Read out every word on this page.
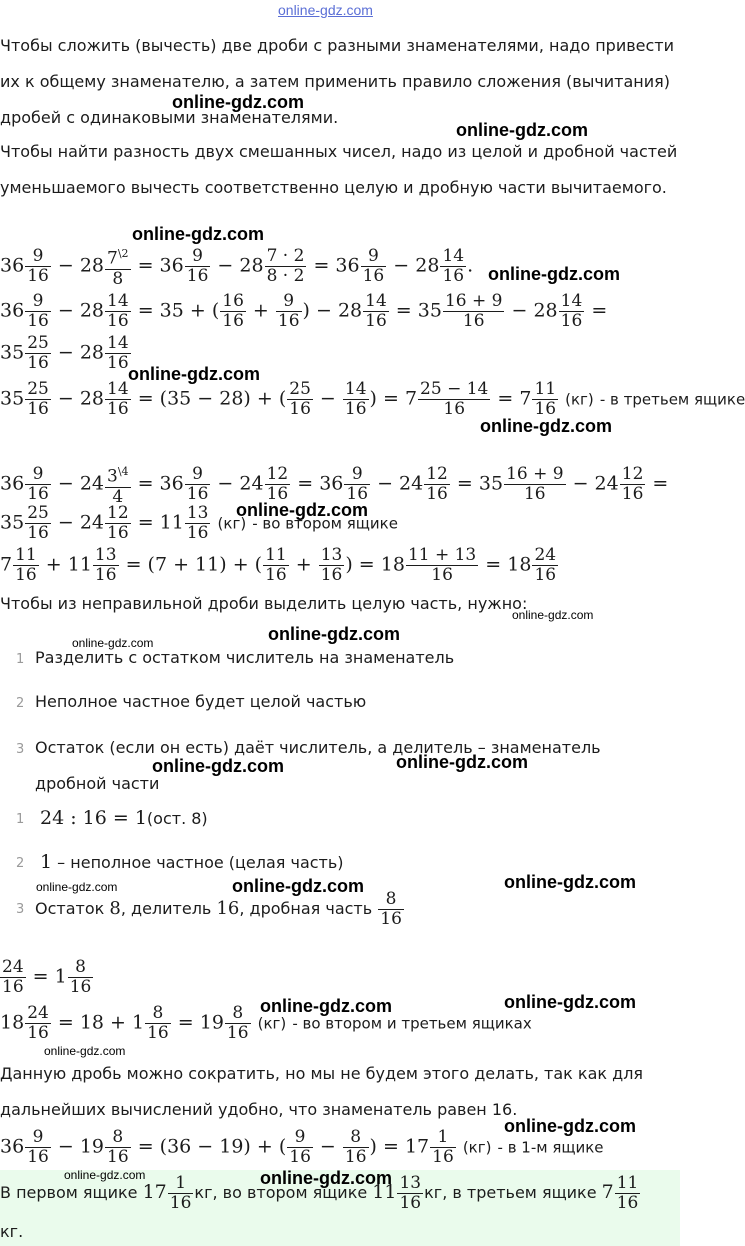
online-gdz.com

Чтобы сложить (вычесть) две дроби с разными знаменателями, надо привести их к общему знаменателю, а затем применить правило сложения (вычитания) дробей с одинаковыми знаменателями.

Чтобы найти разность двух смешанных чисел, надо из целой и дробной частей уменьшаемого вычесть соответственно целую и дробную части вычитаемого.

$36 \frac{9}{16} - 28 \frac{7^{\backslash 2}}{8} = 36 \frac{9}{16} - 28 \frac{7 \cdot 2}{8 \cdot 2} = 36 \frac{9}{16} - 28 \frac{14}{16}$ .
$36 \frac{9}{16} - 28 \frac{14}{16} = 35$ + ( $\frac{16}{16} + \frac{9}{16}$ ) − $28 \frac{14}{16} = 35 \frac{16 + 9}{16} - 28 \frac{14}{16}$ =
$35 \frac{25}{16} - 28 \frac{14}{16}$
$35 \frac{25}{16} - 28 \frac{14}{16} = (35 - 28)$ + ( $\frac{25}{16} - \frac{14}{16}$ ) = $7 \frac{25 - 14}{16} = 7 \frac{11}{16} (кг) - в$ третьем ящике
$36 \frac{9}{16} - 24 \frac{3^{\backslash 4}}{4} = 36 \frac{9}{16} - 24 \frac{12}{16} = 36 \frac{9}{16} - 24 \frac{12}{16} = 35 \frac{16 + 9}{16} - 24 \frac{12}{16}$ =
$35 \frac{25}{16} - 24 \frac{12}{16} = 11 \frac{13}{16} (кг)$ - во втором ящике
$7 \frac{11}{16} + 11 \frac{13}{16} = (7 + 11)$ + ( $\frac{11}{16} + \frac{13}{16}$ ) = $18 \frac{11 + 13}{16} = 18 \frac{24}{16}$

Чтобы из неправильной дроби выделить целую часть, нужно:

1 Разделить с остатком числитель на знаменатель
2 Неполное частное будет целой частью
3 Остаток (если он есть) даёт числитель, а делитель – знаменатель дробной части
1 24 : 16 = 1(ост. 8)
2 1 – неполное частное (целая часть)
3 Остаток 8, делитель 16, дробная часть $\frac{8}{16}$
$\frac{24}{16} = 1 \frac{8}{16}$
$18 \frac{24}{16} = 18 + 1 \frac{8}{16} = 19 \frac{8}{16} (кг)$ - во втором и третьем ящиках

Данную дробь можно сократить, но мы не будем этого делать, так как для дальнейших вычислений удобно, что знаменатель равен 16.

$36 \frac{9}{16} - 19 \frac{8}{16} = (36 - 19)$ + ( $\frac{9}{16} - \frac{8}{16}$ ) = $17 \frac{1}{16} (кг)$ - в 1-м ящике
В первом ящике $17 \frac{1}{16}$ кг, во втором ящике $11 \frac{13}{16}$ кг, в третьем ящике $7 \frac{11}{16}$
кг.
online-gdz.com
online-gdz.com
online-gdz.com
online-gdz.com
online-gdz.com
online-gdz.com
online-gdz.com
online-gdz.com
online-gdz.com	online-gdz.com
online-gdz.com	online-gdz.com
online-gdz.com	online-gdz.com	online-gdz.com
online-gdz.com	online-gdz.com
online-gdz.com
online-gdz.com
online-gdz.com	online-gdz.com
